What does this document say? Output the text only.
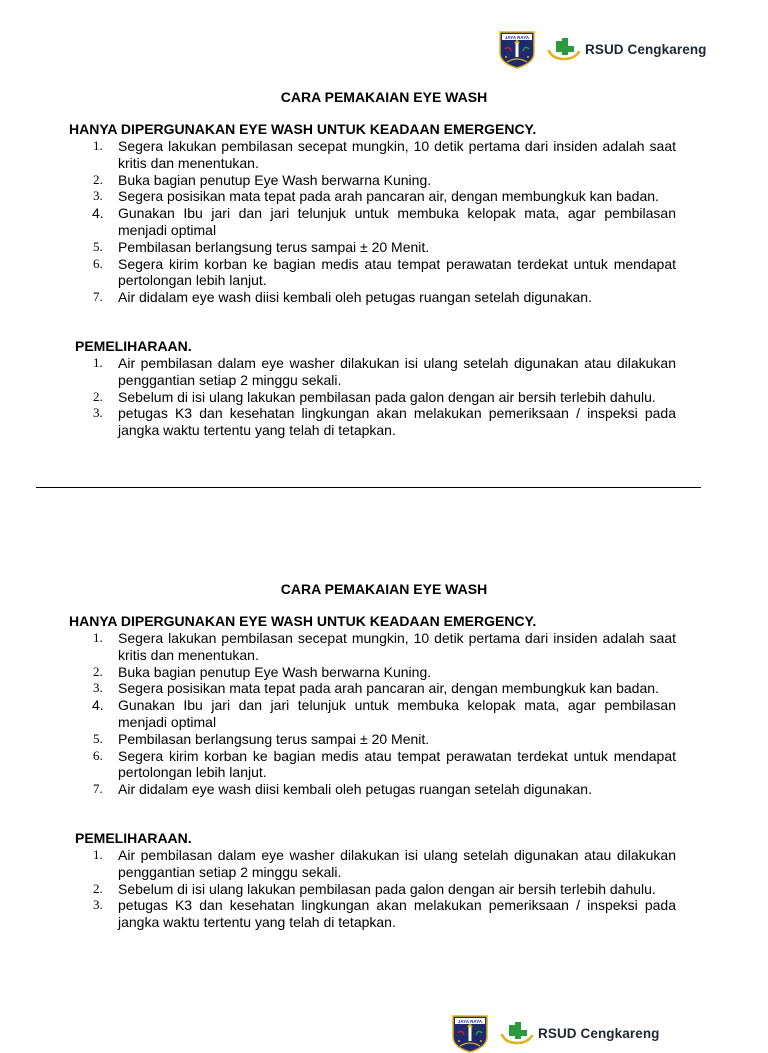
JAYA RAYA
RSUD Cengkareng
CARA PEMAKAIAN EYE WASH
HANYA DIPERGUNAKAN EYE WASH UNTUK KEADAAN EMERGENCY.
1.	Segera lakukan pembilasan secepat mungkin, 10 detik pertama dari insiden adalah saat kritis dan menentukan.
2.	Buka bagian penutup Eye Wash berwarna Kuning.
3.	Segera posisikan mata tepat pada arah pancaran air, dengan membungkuk kan badan.
4.	Gunakan Ibu jari dan jari telunjuk untuk membuka kelopak mata, agar pembilasan menjadi optimal
5.	Pembilasan berlangsung terus sampai ± 20 Menit.
6.	Segera kirim korban ke bagian medis atau tempat perawatan terdekat untuk mendapat pertolongan lebih lanjut.
7.	Air didalam eye wash diisi kembali oleh petugas ruangan setelah digunakan.
PEMELIHARAAN.
1.	Air pembilasan dalam eye washer dilakukan isi ulang setelah digunakan atau dilakukan penggantian setiap 2 minggu sekali.
2.	Sebelum di isi ulang lakukan pembilasan pada galon dengan air bersih terlebih dahulu.
3.	petugas K3 dan kesehatan lingkungan akan melakukan pemeriksaan / inspeksi pada jangka waktu tertentu yang telah di tetapkan.
JAYA RAYA
RSUD Cengkareng
CARA PEMAKAIAN EYE WASH
HANYA DIPERGUNAKAN EYE WASH UNTUK KEADAAN EMERGENCY.
1.	Segera lakukan pembilasan secepat mungkin, 10 detik pertama dari insiden adalah saat kritis dan menentukan.
2.	Buka bagian penutup Eye Wash berwarna Kuning.
3.	Segera posisikan mata tepat pada arah pancaran air, dengan membungkuk kan badan.
4.	Gunakan Ibu jari dan jari telunjuk untuk membuka kelopak mata, agar pembilasan menjadi optimal
5.	Pembilasan berlangsung terus sampai ± 20 Menit.
6.	Segera kirim korban ke bagian medis atau tempat perawatan terdekat untuk mendapat pertolongan lebih lanjut.
7.	Air didalam eye wash diisi kembali oleh petugas ruangan setelah digunakan.
PEMELIHARAAN.
1.	Air pembilasan dalam eye washer dilakukan isi ulang setelah digunakan atau dilakukan penggantian setiap 2 minggu sekali.
2.	Sebelum di isi ulang lakukan pembilasan pada galon dengan air bersih terlebih dahulu.
3.	petugas K3 dan kesehatan lingkungan akan melakukan pemeriksaan / inspeksi pada jangka waktu tertentu yang telah di tetapkan.
